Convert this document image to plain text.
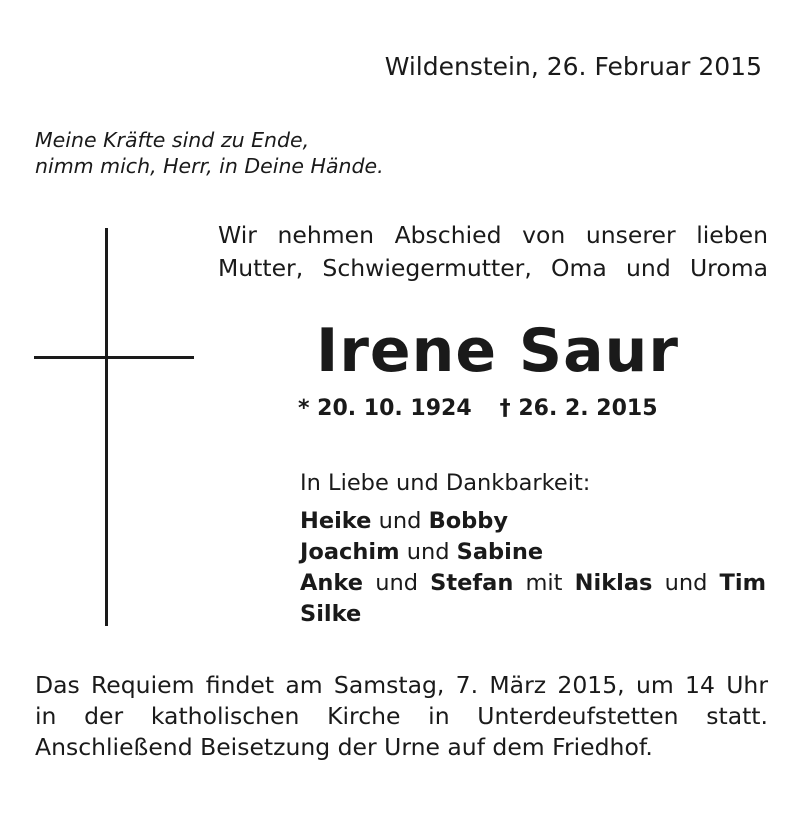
Wildenstein, 26. Februar 2015
Meine Kräfte sind zu Ende,
nimm mich, Herr, in Deine Hände.
Wir nehmen Abschied von unserer lieben
Mutter, Schwiegermutter, Oma und Uroma
Irene Saur
* 20. 10. 1924 † 26. 2. 2015
In Liebe und Dankbarkeit:
Heike und Bobby
Joachim und Sabine
Anke und Stefan mit Niklas und Tim
Silke
Das Requiem findet am Samstag, 7. März 2015, um 14 Uhr
in der katholischen Kirche in Unterdeufstetten statt.
Anschließend Beisetzung der Urne auf dem Friedhof.
